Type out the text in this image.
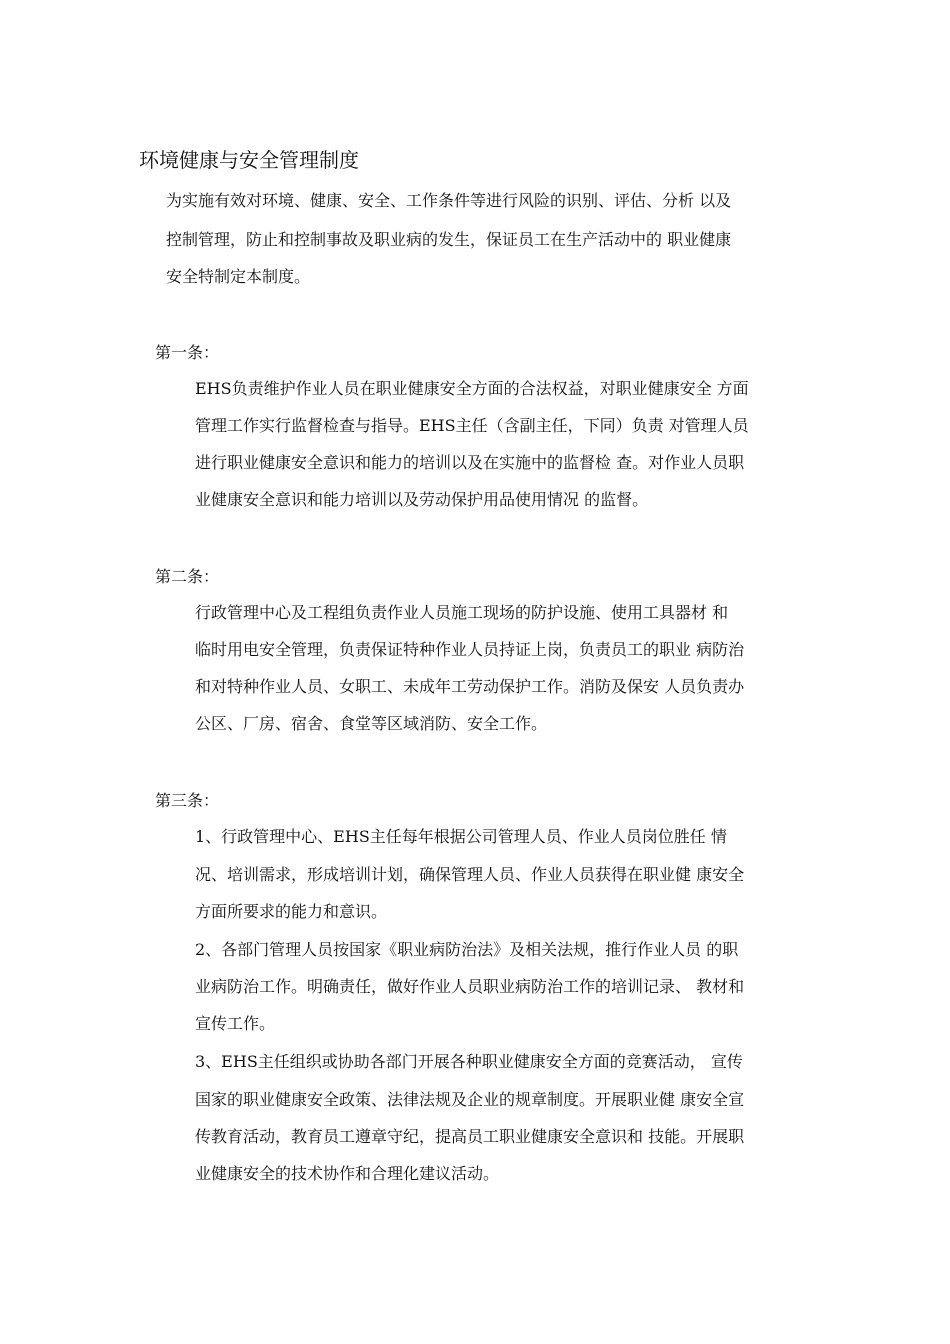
环境健康与安全管理制度
为实施有效对环境、健康、安全、工作条件等进行风险的识别、评估、分析 以及
控制管理，防止和控制事故及职业病的发生，保证员工在生产活动中的 职业健康
安全特制定本制度。
第一条：
EHS负责维护作业人员在职业健康安全方面的合法权益，对职业健康安全 方面
管理工作实行监督检查与指导。EHS主任（含副主任，下同）负责 对管理人员
进行职业健康安全意识和能力的培训以及在实施中的监督检 查。对作业人员职
业健康安全意识和能力培训以及劳动保护用品使用情况 的监督。
第二条：
行政管理中心及工程组负责作业人员施工现场的防护设施、使用工具器材 和
临时用电安全管理，负责保证特种作业人员持证上岗，负责员工的职业 病防治
和对特种作业人员、女职工、未成年工劳动保护工作。消防及保安 人员负责办
公区、厂房、宿舍、食堂等区域消防、安全工作。
第三条：
1、行政管理中心、EHS主任每年根据公司管理人员、作业人员岗位胜任 情
况、培训需求，形成培训计划，确保管理人员、作业人员获得在职业健 康安全
方面所要求的能力和意识。
2、各部门管理人员按国家《职业病防治法》及相关法规，推行作业人员 的职
业病防治工作。明确责任，做好作业人员职业病防治工作的培训记录、 教材和
宣传工作。
3、EHS主任组织或协助各部门开展各种职业健康安全方面的竞赛活动， 宣传
国家的职业健康安全政策、法律法规及企业的规章制度。开展职业健 康安全宣
传教育活动，教育员工遵章守纪，提高员工职业健康安全意识和 技能。开展职
业健康安全的技术协作和合理化建议活动。
